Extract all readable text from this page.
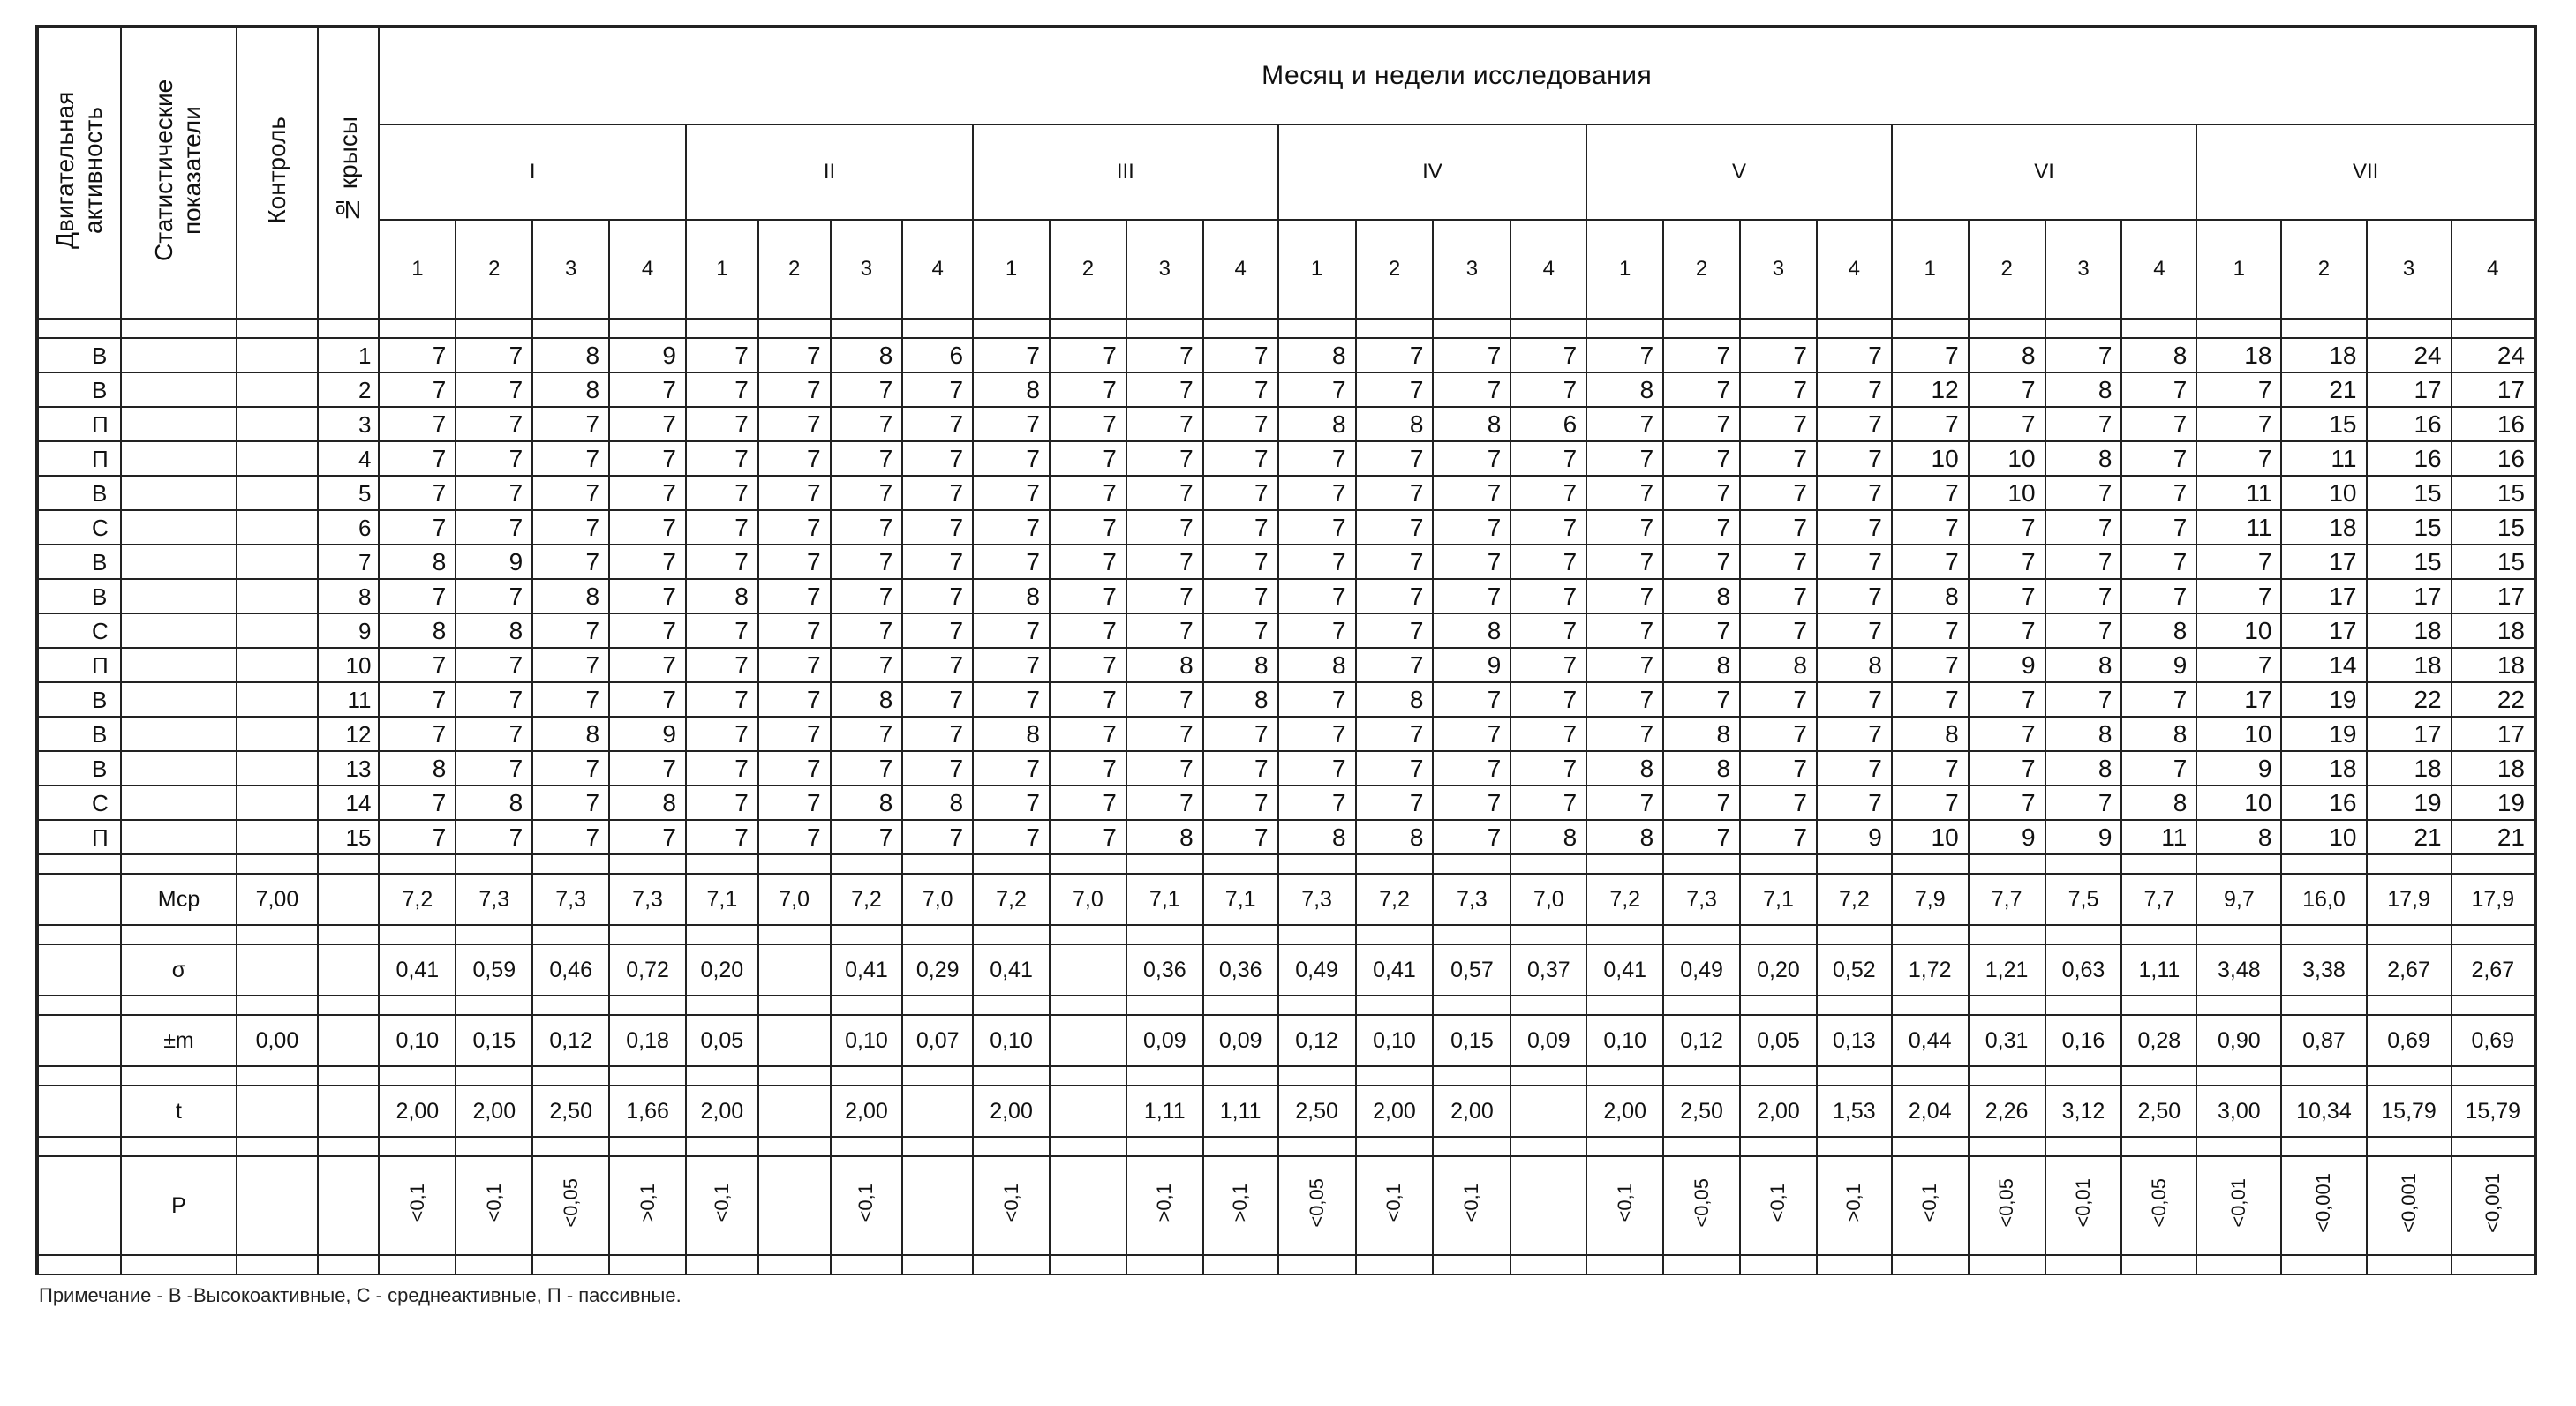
Двигательная активность	Статистические показатели	Контроль	№ крысы	Месяц и недели исследования																											
				I				II				III				IV				V				VI				VII			
				1	2	3	4	1	2	3	4	1	2	3	4	1	2	3	4	1	2	3	4	1	2	3	4	1	2	3	4

В			1	7	7	8	9	7	7	8	6	7	7	7	7	8	7	7	7	7	7	7	7	7	8	7	8	18	18	24	24
В			2	7	7	8	7	7	7	7	7	8	7	7	7	7	7	7	7	8	7	7	7	12	7	8	7	7	21	17	17
П			3	7	7	7	7	7	7	7	7	7	7	7	7	8	8	8	6	7	7	7	7	7	7	7	7	7	15	16	16
П			4	7	7	7	7	7	7	7	7	7	7	7	7	7	7	7	7	7	7	7	7	10	10	8	7	7	11	16	16
В			5	7	7	7	7	7	7	7	7	7	7	7	7	7	7	7	7	7	7	7	7	7	10	7	7	11	10	15	15
С			6	7	7	7	7	7	7	7	7	7	7	7	7	7	7	7	7	7	7	7	7	7	7	7	7	11	18	15	15
В			7	8	9	7	7	7	7	7	7	7	7	7	7	7	7	7	7	7	7	7	7	7	7	7	7	7	17	15	15
В			8	7	7	8	7	8	7	7	7	8	7	7	7	7	7	7	7	7	8	7	7	8	7	7	7	7	17	17	17
С			9	8	8	7	7	7	7	7	7	7	7	7	7	7	7	8	7	7	7	7	7	7	7	7	8	10	17	18	18
П			10	7	7	7	7	7	7	7	7	7	7	8	8	8	7	9	7	7	8	8	8	7	9	8	9	7	14	18	18
В			11	7	7	7	7	7	7	8	7	7	7	7	8	7	8	7	7	7	7	7	7	7	7	7	7	17	19	22	22
В			12	7	7	8	9	7	7	7	7	8	7	7	7	7	7	7	7	7	8	7	7	8	7	8	8	10	19	17	17
В			13	8	7	7	7	7	7	7	7	7	7	7	7	7	7	7	7	8	8	7	7	7	7	8	7	9	18	18	18
С			14	7	8	7	8	7	7	8	8	7	7	7	7	7	7	7	7	7	7	7	7	7	7	7	8	10	16	19	19
П			15	7	7	7	7	7	7	7	7	7	7	8	7	8	8	7	8	8	7	7	9	10	9	9	11	8	10	21	21

	Мср	7,00		7,2	7,3	7,3	7,3	7,1	7,0	7,2	7,0	7,2	7,0	7,1	7,1	7,3	7,2	7,3	7,0	7,2	7,3	7,1	7,2	7,9	7,7	7,5	7,7	9,7	16,0	17,9	17,9

	σ			0,41	0,59	0,46	0,72	0,20		0,41	0,29	0,41		0,36	0,36	0,49	0,41	0,57	0,37	0,41	0,49	0,20	0,52	1,72	1,21	0,63	1,11	3,48	3,38	2,67	2,67

	±m	0,00		0,10	0,15	0,12	0,18	0,05		0,10	0,07	0,10		0,09	0,09	0,12	0,10	0,15	0,09	0,10	0,12	0,05	0,13	0,44	0,31	0,16	0,28	0,90	0,87	0,69	0,69

	t			2,00	2,00	2,50	1,66	2,00		2,00		2,00		1,11	1,11	2,50	2,00	2,00		2,00	2,50	2,00	1,53	2,04	2,26	3,12	2,50	3,00	10,34	15,79	15,79

	P			<0,1	<0,1	<0,05	>0,1	<0,1		<0,1		<0,1		>0,1	>0,1	<0,05	<0,1	<0,1		<0,1	<0,05	<0,1	>0,1	<0,1	<0,05	<0,01	<0,05	<0,01	<0,001	<0,001	<0,001

Примечание - В -Высокоактивные, С - среднеактивные, П - пассивные.
